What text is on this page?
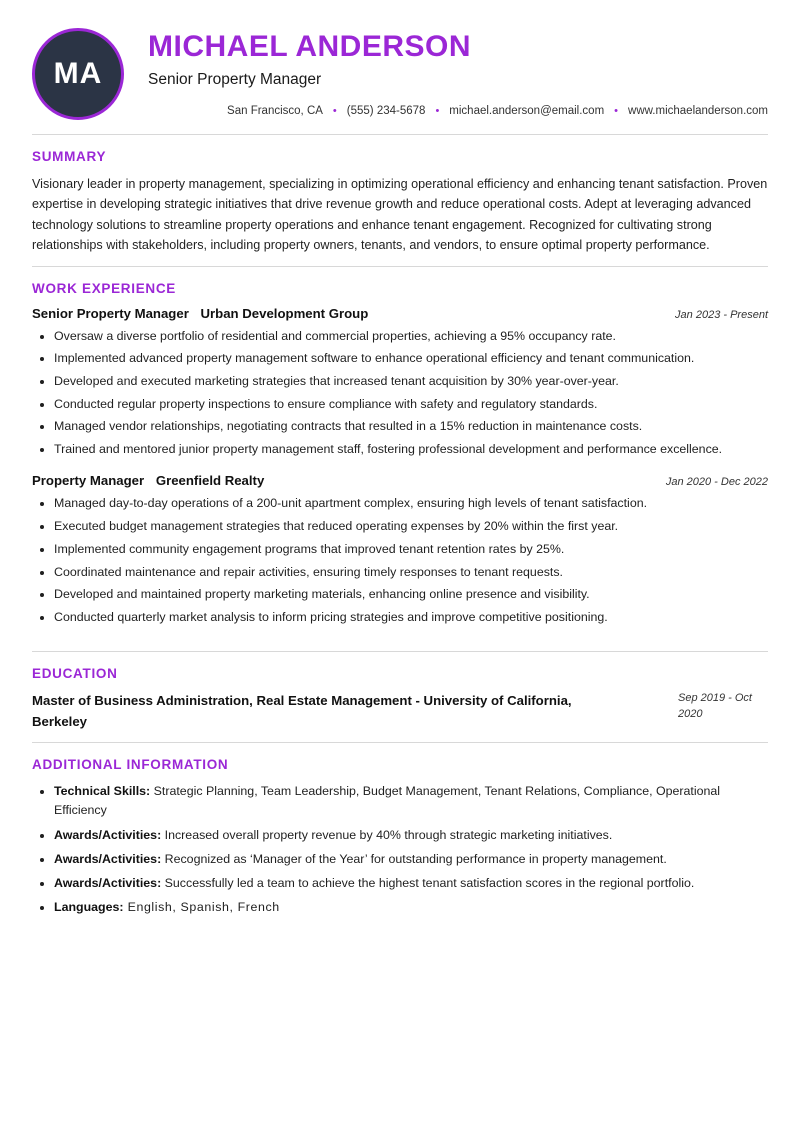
MA
MICHAEL ANDERSON
Senior Property Manager
San Francisco, CA • (555) 234-5678 • michael.anderson@email.com • www.michaelanderson.com
SUMMARY

Visionary leader in property management, specializing in optimizing operational efficiency and enhancing tenant satisfaction. Proven expertise in developing strategic initiatives that drive revenue growth and reduce operational costs. Adept at leveraging advanced technology solutions to streamline property operations and enhance tenant engagement. Recognized for cultivating strong relationships with stakeholders, including property owners, tenants, and vendors, to ensure optimal property performance.

WORK EXPERIENCE
Senior Property Manager Urban Development Group	Jan 2023 - Present
• Oversaw a diverse portfolio of residential and commercial properties, achieving a 95% occupancy rate.
• Implemented advanced property management software to enhance operational efficiency and tenant communication.
• Developed and executed marketing strategies that increased tenant acquisition by 30% year-over-year.
• Conducted regular property inspections to ensure compliance with safety and regulatory standards.
• Managed vendor relationships, negotiating contracts that resulted in a 15% reduction in maintenance costs.
• Trained and mentored junior property management staff, fostering professional development and performance excellence.
Property Manager Greenfield Realty	Jan 2020 - Dec 2022
• Managed day-to-day operations of a 200-unit apartment complex, ensuring high levels of tenant satisfaction.
• Executed budget management strategies that reduced operating expenses by 20% within the first year.
• Implemented community engagement programs that improved tenant retention rates by 25%.
• Coordinated maintenance and repair activities, ensuring timely responses to tenant requests.
• Developed and maintained property marketing materials, enhancing online presence and visibility.
• Conducted quarterly market analysis to inform pricing strategies and improve competitive positioning.
EDUCATION
Master of Business Administration, Real Estate Management - University of California, Berkeley
Sep 2019 - Oct 2020
ADDITIONAL INFORMATION
• Technical Skills: Strategic Planning, Team Leadership, Budget Management, Tenant Relations, Compliance, Operational Efficiency
• Awards/Activities: Increased overall property revenue by 40% through strategic marketing initiatives.
• Awards/Activities: Recognized as ‘Manager of the Year’ for outstanding performance in property management.
• Awards/Activities: Successfully led a team to achieve the highest tenant satisfaction scores in the regional portfolio.
• Languages: English, Spanish, French
